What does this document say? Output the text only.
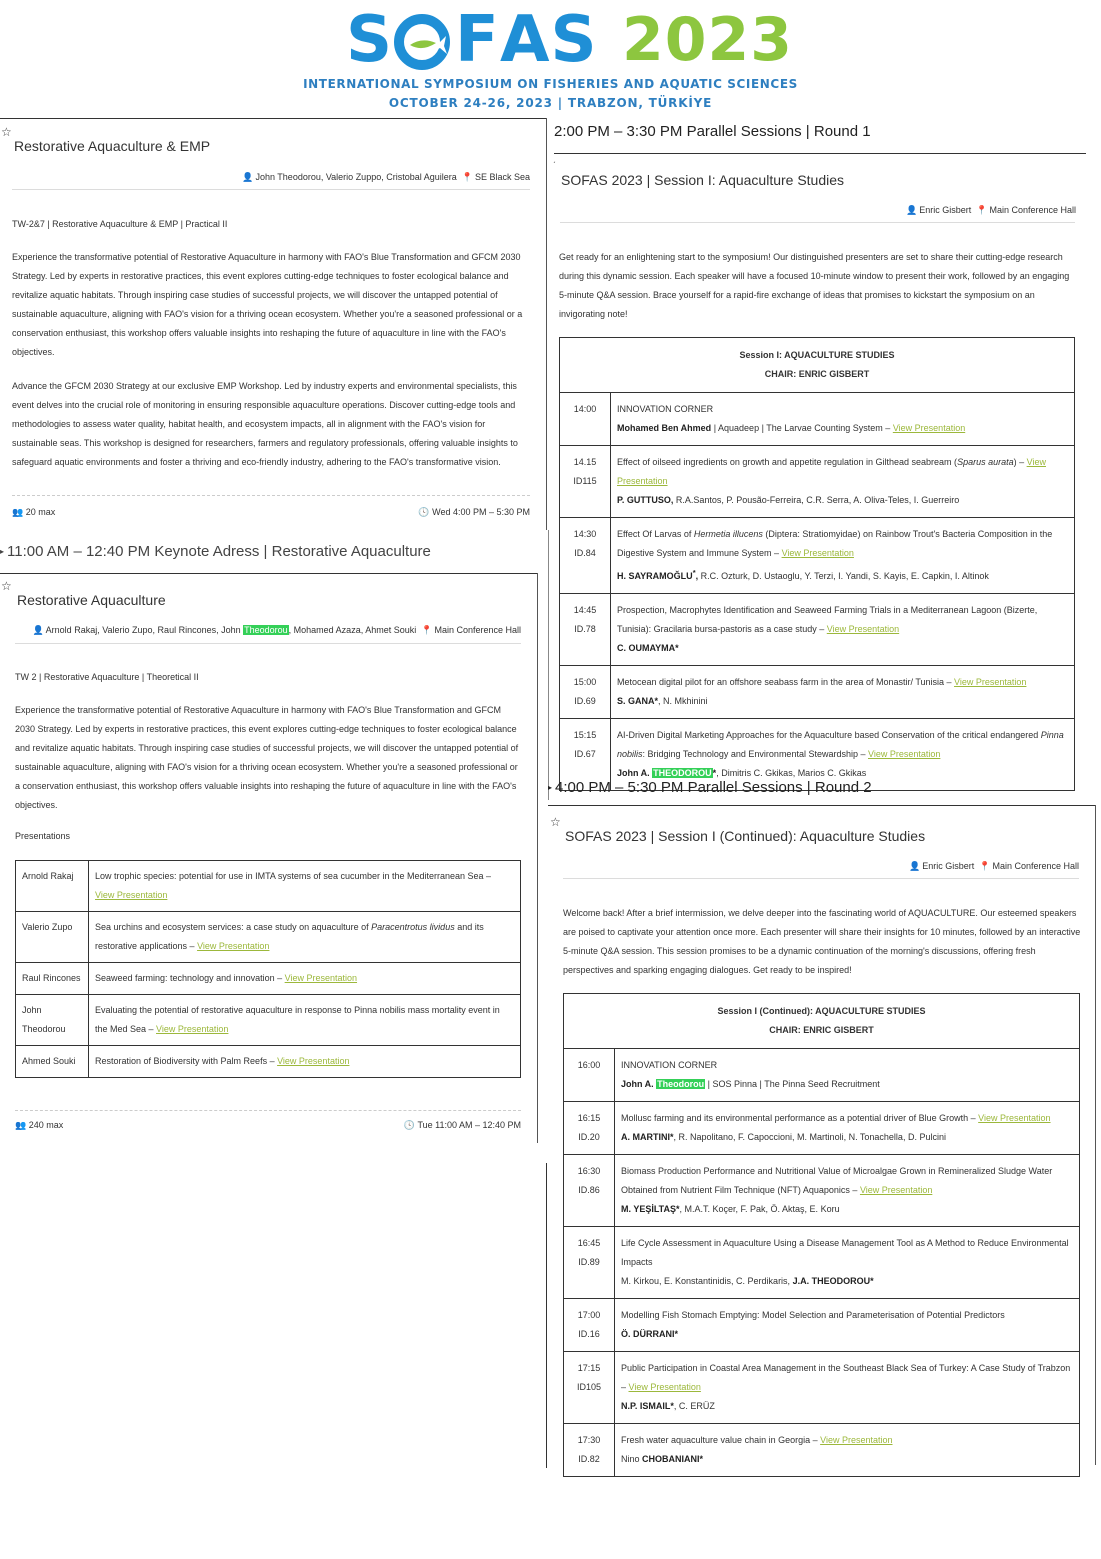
S F AS 2023
INTERNATIONAL SYMPOSIUM ON FISHERIES AND AQUATIC SCIENCES
OCTOBER 24-26, 2023 | TRABZON, TÜRKİYE
☆
Restorative Aquaculture & EMP
👤 John Theodorou, Valerio Zuppo, Cristobal Aguilera 📍 SE Black Sea
TW-2&7 | Restorative Aquaculture & EMP | Practical II
Experience the transformative potential of Restorative Aquaculture in harmony with FAO's Blue Transformation and GFCM 2030 Strategy. Led by experts in restorative practices, this event explores cutting-edge techniques to foster ecological balance and revitalize aquatic habitats. Through inspiring case studies of successful projects, we will discover the untapped potential of sustainable aquaculture, aligning with FAO's vision for a thriving ocean ecosystem. Whether you're a seasoned professional or a conservation enthusiast, this workshop offers valuable insights into reshaping the future of aquaculture in line with the FAO's objectives.
Advance the GFCM 2030 Strategy at our exclusive EMP Workshop. Led by industry experts and environmental specialists, this event delves into the crucial role of monitoring in ensuring responsible aquaculture operations. Discover cutting-edge tools and methodologies to assess water quality, habitat health, and ecosystem impacts, all in alignment with the FAO's vision for sustainable seas. This workshop is designed for researchers, farmers and regulatory professionals, offering valuable insights to safeguard aquatic environments and foster a thriving and eco-friendly industry, adhering to the FAO's transformative vision.
👥 20 max	🕓 Wed 4:00 PM – 5:30 PM
▸ 11:00 AM – 12:40 PM Keynote Adress | Restorative Aquaculture
☆
Restorative Aquaculture
👤 Arnold Rakaj, Valerio Zupo, Raul Rincones, John Theodorou, Mohamed Azaza, Ahmet Souki 📍 Main Conference Hall
TW 2 | Restorative Aquaculture | Theoretical II
Experience the transformative potential of Restorative Aquaculture in harmony with FAO's Blue Transformation and GFCM 2030 Strategy. Led by experts in restorative practices, this event explores cutting-edge techniques to foster ecological balance and revitalize aquatic habitats. Through inspiring case studies of successful projects, we will discover the untapped potential of sustainable aquaculture, aligning with FAO's vision for a thriving ocean ecosystem. Whether you're a seasoned professional or a conservation enthusiast, this workshop offers valuable insights into reshaping the future of aquaculture in line with the FAO's objectives.
Presentations
Arnold Rakaj	Low trophic species: potential for use in IMTA systems of sea cucumber in the Mediterranean Sea –
View Presentation
Valerio Zupo	Sea urchins and ecosystem services: a case study on aquaculture of Paracentrotus lividus and its restorative applications – View Presentation
Raul Rincones	Seaweed farming: technology and innovation – View Presentation
John Theodorou	Evaluating the potential of restorative aquaculture in response to Pinna nobilis mass mortality event in the Med Sea – View Presentation
Ahmed Souki	Restoration of Biodiversity with Palm Reefs – View Presentation
👥 240 max	🕓 Tue 11:00 AM – 12:40 PM
2:00 PM – 3:30 PM Parallel Sessions | Round 1
ˊ
SOFAS 2023 | Session I: Aquaculture Studies
👤 Enric Gisbert 📍 Main Conference Hall
Get ready for an enlightening start to the symposium! Our distinguished presenters are set to share their cutting-edge research during this dynamic session. Each speaker will have a focused 10-minute window to present their work, followed by an engaging 5-minute Q&A session. Brace yourself for a rapid-fire exchange of ideas that promises to kickstart the symposium on an invigorating note!
Session I: AQUACULTURE STUDIES
CHAIR: ENRIC GISBERT	

14:00	INNOVATION CORNER
Mohamed Ben Ahmed | Aquadeep | The Larvae Counting System – View Presentation
14.15
ID115	Effect of oilseed ingredients on growth and appetite regulation in Gilthead seabream (Sparus aurata) – View Presentation
P. GUTTUSO, R.A.Santos, P. Pousão-Ferreira, C.R. Serra, A. Oliva-Teles, I. Guerreiro
14:30
ID.84	Effect Of Larvas of Hermetia illucens (Diptera: Stratiomyidae) on Rainbow Trout's Bacteria Composition in the Digestive System and Immune System – View Presentation
H. SAYRAMOĞLU*, R.C. Ozturk, D. Ustaoglu, Y. Terzi, I. Yandi, S. Kayis, E. Capkin, I. Altinok
14:45
ID.78	Prospection, Macrophytes Identification and Seaweed Farming Trials in a Mediterranean Lagoon (Bizerte, Tunisia): Gracilaria bursa-pastoris as a case study – View Presentation
C. OUMAYMA*
15:00
ID.69	Metocean digital pilot for an offshore seabass farm in the area of Monastir/ Tunisia – View Presentation
S. GANA*, N. Mkhinini
15:15
ID.67	AI-Driven Digital Marketing Approaches for the Aquaculture based Conservation of the critical endangered Pinna nobilis: Bridging Technology and Environmental Stewardship – View Presentation
John A. THEODOROU*, Dimitris C. Gkikas, Marios C. Gkikas
▸ 4:00 PM – 5:30 PM Parallel Sessions | Round 2
☆
SOFAS 2023 | Session I (Continued): Aquaculture Studies
👤 Enric Gisbert 📍 Main Conference Hall
Welcome back! After a brief intermission, we delve deeper into the fascinating world of AQUACULTURE. Our esteemed speakers are poised to captivate your attention once more. Each presenter will share their insights for 10 minutes, followed by an interactive 5-minute Q&A session. This session promises to be a dynamic continuation of the morning's discussions, offering fresh perspectives and sparking engaging dialogues. Get ready to be inspired!
Session I (Continued): AQUACULTURE STUDIES
CHAIR: ENRIC GISBERT	

16:00	INNOVATION CORNER
John A. Theodorou | SOS Pinna | The Pinna Seed Recruitment
16:15
ID.20	Mollusc farming and its environmental performance as a potential driver of Blue Growth – View Presentation
A. MARTINI*, R. Napolitano, F. Capoccioni, M. Martinoli, N. Tonachella, D. Pulcini
16:30
ID.86	Biomass Production Performance and Nutritional Value of Microalgae Grown in Remineralized Sludge Water Obtained from Nutrient Film Technique (NFT) Aquaponics – View Presentation
M. YEŞİLTAŞ*, M.A.T. Koçer, F. Pak, Ö. Aktaş, E. Koru
16:45
ID.89	Life Cycle Assessment in Aquaculture Using a Disease Management Tool as A Method to Reduce Environmental Impacts
M. Kirkou, E. Konstantinidis, C. Perdikaris, J.A. THEODOROU*
17:00
ID.16	Modelling Fish Stomach Emptying: Model Selection and Parameterisation of Potential Predictors
Ö. DÜRRANI*
17:15
ID105	Public Participation in Coastal Area Management in the Southeast Black Sea of Turkey: A Case Study of Trabzon – View Presentation
N.P. ISMAIL*, C. ERÜZ
17:30
ID.82	Fresh water aquaculture value chain in Georgia – View Presentation
Nino CHOBANIANI*
